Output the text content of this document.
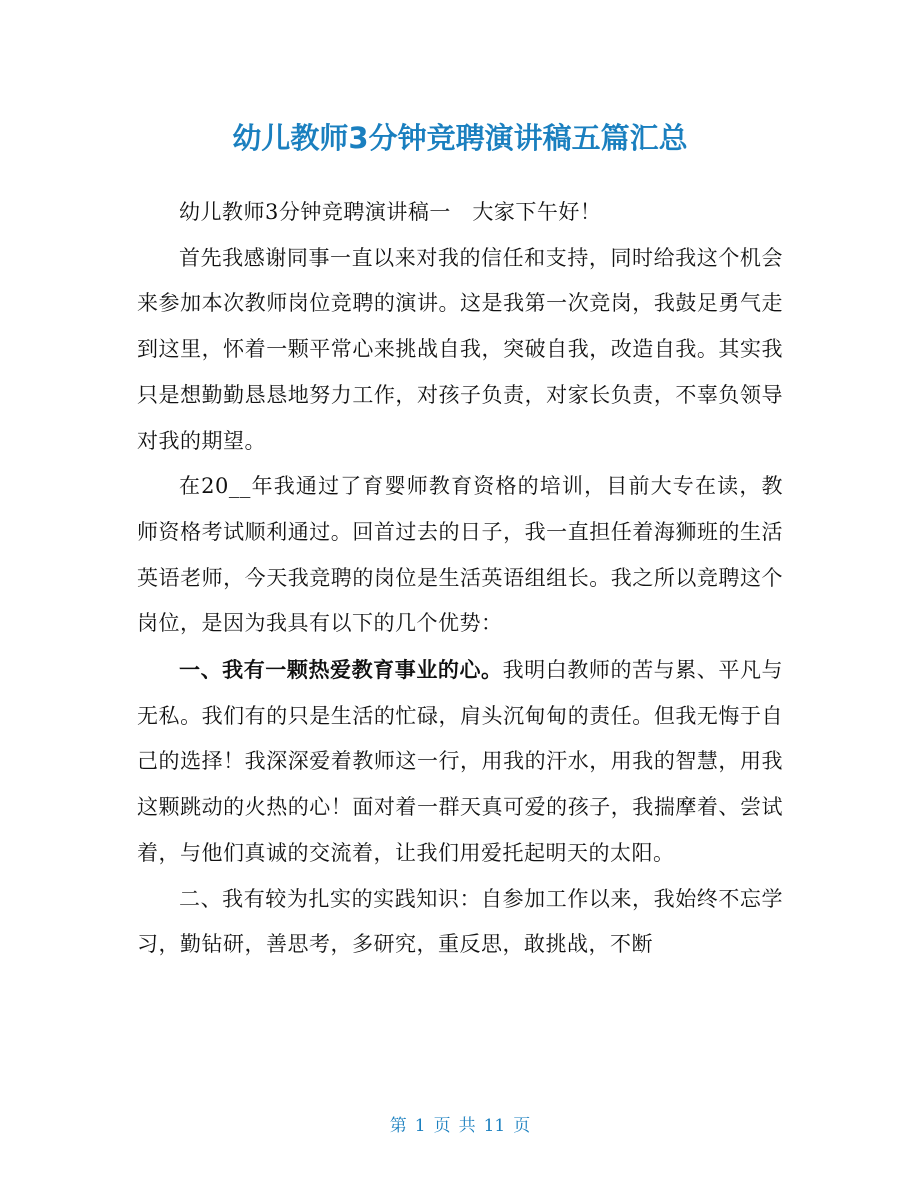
幼儿教师3分钟竞聘演讲稿五篇汇总

幼儿教师3分钟竞聘演讲稿一　大家下午好！

首先我感谢同事一直以来对我的信任和支持，同时给我这个机会来参加本次教师岗位竞聘的演讲。这是我第一次竞岗，我鼓足勇气走到这里，怀着一颗平常心来挑战自我，突破自我，改造自我。其实我只是想勤勤恳恳地努力工作，对孩子负责，对家长负责，不辜负领导对我的期望。

在20__年我通过了育婴师教育资格的培训，目前大专在读，教师资格考试顺利通过。回首过去的日子，我一直担任着海狮班的生活英语老师，今天我竞聘的岗位是生活英语组组长。我之所以竞聘这个岗位，是因为我具有以下的几个优势：

一、我有一颗热爱教育事业的心。我明白教师的苦与累、平凡与无私。我们有的只是生活的忙碌，肩头沉甸甸的责任。但我无悔于自己的选择！我深深爱着教师这一行，用我的汗水，用我的智慧，用我这颗跳动的火热的心！面对着一群天真可爱的孩子，我揣摩着、尝试着，与他们真诚的交流着，让我们用爱托起明天的太阳。

二、我有较为扎实的实践知识：自参加工作以来，我始终不忘学习，勤钻研，善思考，多研究，重反思，敢挑战，不断

第 1 页 共 11 页
